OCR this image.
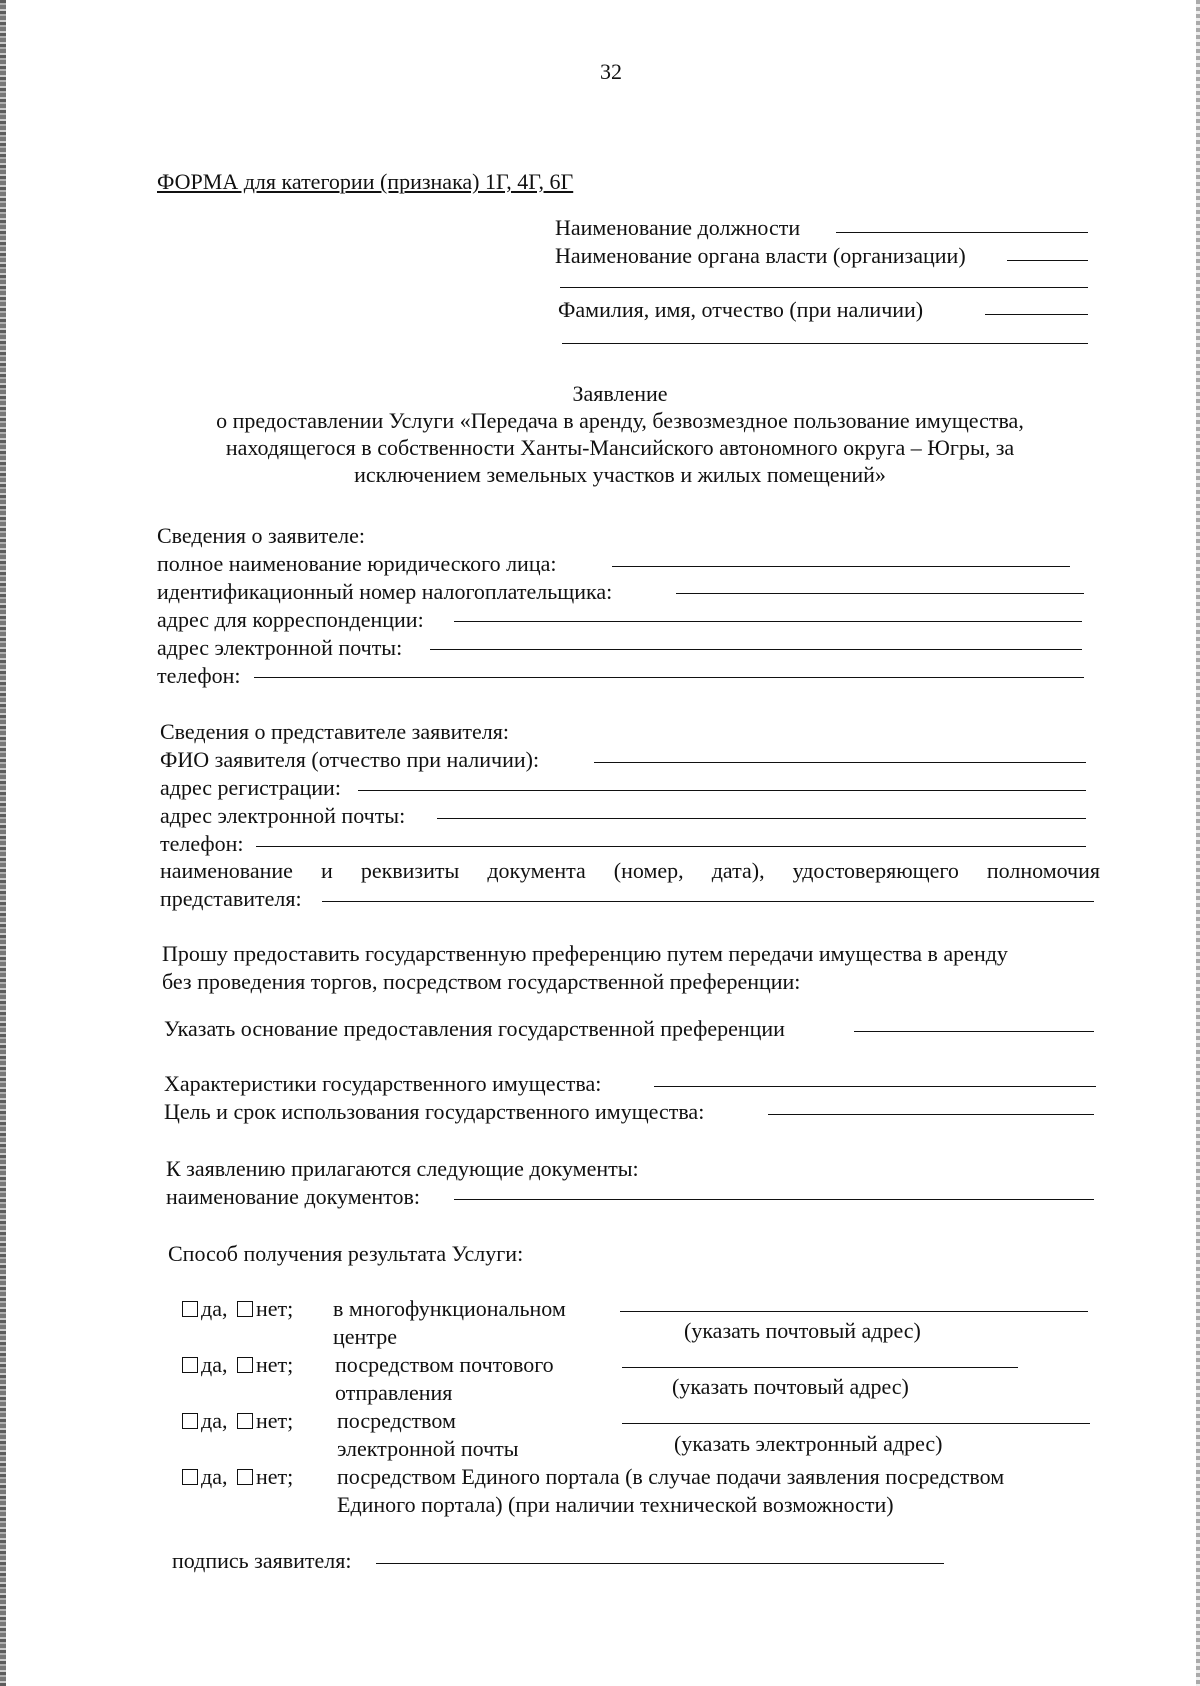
32
ФОРМА для категории (признака) 1Г, 4Г, 6Г
Наименование должности
Наименование органа власти (организации)
Фамилия, имя, отчество (при наличии)
Заявление
о предоставлении Услуги «Передача в аренду, безвозмездное пользование имущества,
находящегося в собственности Ханты-Мансийского автономного округа – Югры, за
исключением земельных участков и жилых помещений»
Сведения о заявителе:
полное наименование юридического лица:
идентификационный номер налогоплательщика:
адрес для корреспонденции:
адрес электронной почты:
телефон:
Сведения о представителе заявителя:
ФИО заявителя (отчество при наличии):
адрес регистрации:
адрес электронной почты:
телефон:
наименование и реквизиты документа (номер, дата), удостоверяющего полномочия
представителя:
Прошу предоставить государственную преференцию путем передачи имущества в аренду
без проведения торгов, посредством государственной преференции:
Указать основание предоставления государственной преференции
Характеристики государственного имущества:
Цель и срок использования государственного имущества:
К заявлению прилагаются следующие документы:
наименование документов:
Способ получения результата Услуги:
да, нет; в многофункциональном
центре	(указать почтовый адрес)
да, нет; посредством почтового
отправления	(указать почтовый адрес)
да, нет; посредством
электронной почты	(указать электронный адрес)
да, нет; посредством Единого портала (в случае подачи заявления посредством
Единого портала) (при наличии технической возможности)
подпись заявителя:
